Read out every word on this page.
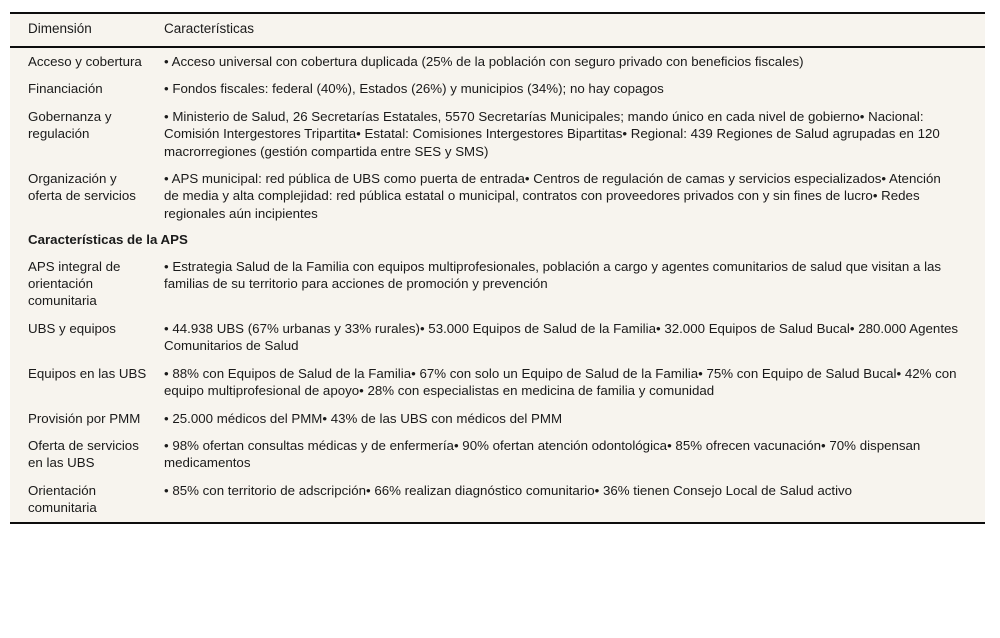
Dimensión	Características
Acceso y cobertura	• Acceso universal con cobertura duplicada (25% de la población con seguro privado con beneficios fiscales)
Financiación	• Fondos fiscales: federal (40%), Estados (26%) y municipios (34%); no hay copagos
Gobernanza y regulación	• Ministerio de Salud, 26 Secretarías Estatales, 5570 Secretarías Municipales; mando único en cada nivel de gobierno• Nacional: Comisión Intergestores Tripartita• Estatal: Comisiones Intergestores Bipartitas• Regional: 439 Regiones de Salud agrupadas en 120 macrorregiones (gestión compartida entre SES y SMS)
Organización y oferta de servicios	• APS municipal: red pública de UBS como puerta de entrada• Centros de regulación de camas y servicios especializados• Atención de media y alta complejidad: red pública estatal o municipal, contratos con proveedores privados con y sin fines de lucro• Redes regionales aún incipientes
Características de la APS	
APS integral de orientación comunitaria	• Estrategia Salud de la Familia con equipos multiprofesionales, población a cargo y agentes comunitarios de salud que visitan a las familias de su territorio para acciones de promoción y prevención
UBS y equipos	• 44.938 UBS (67% urbanas y 33% rurales)• 53.000 Equipos de Salud de la Familia• 32.000 Equipos de Salud Bucal• 280.000 Agentes Comunitarios de Salud
Equipos en las UBS	• 88% con Equipos de Salud de la Familia• 67% con solo un Equipo de Salud de la Familia• 75% con Equipo de Salud Bucal• 42% con equipo multiprofesional de apoyo• 28% con especialistas en medicina de familia y comunidad
Provisión por PMM	• 25.000 médicos del PMM• 43% de las UBS con médicos del PMM
Oferta de servicios en las UBS	• 98% ofertan consultas médicas y de enfermería• 90% ofertan atención odontológica• 85% ofrecen vacunación• 70% dispensan medicamentos
Orientación comunitaria	• 85% con territorio de adscripción• 66% realizan diagnóstico comunitario• 36% tienen Consejo Local de Salud activo
